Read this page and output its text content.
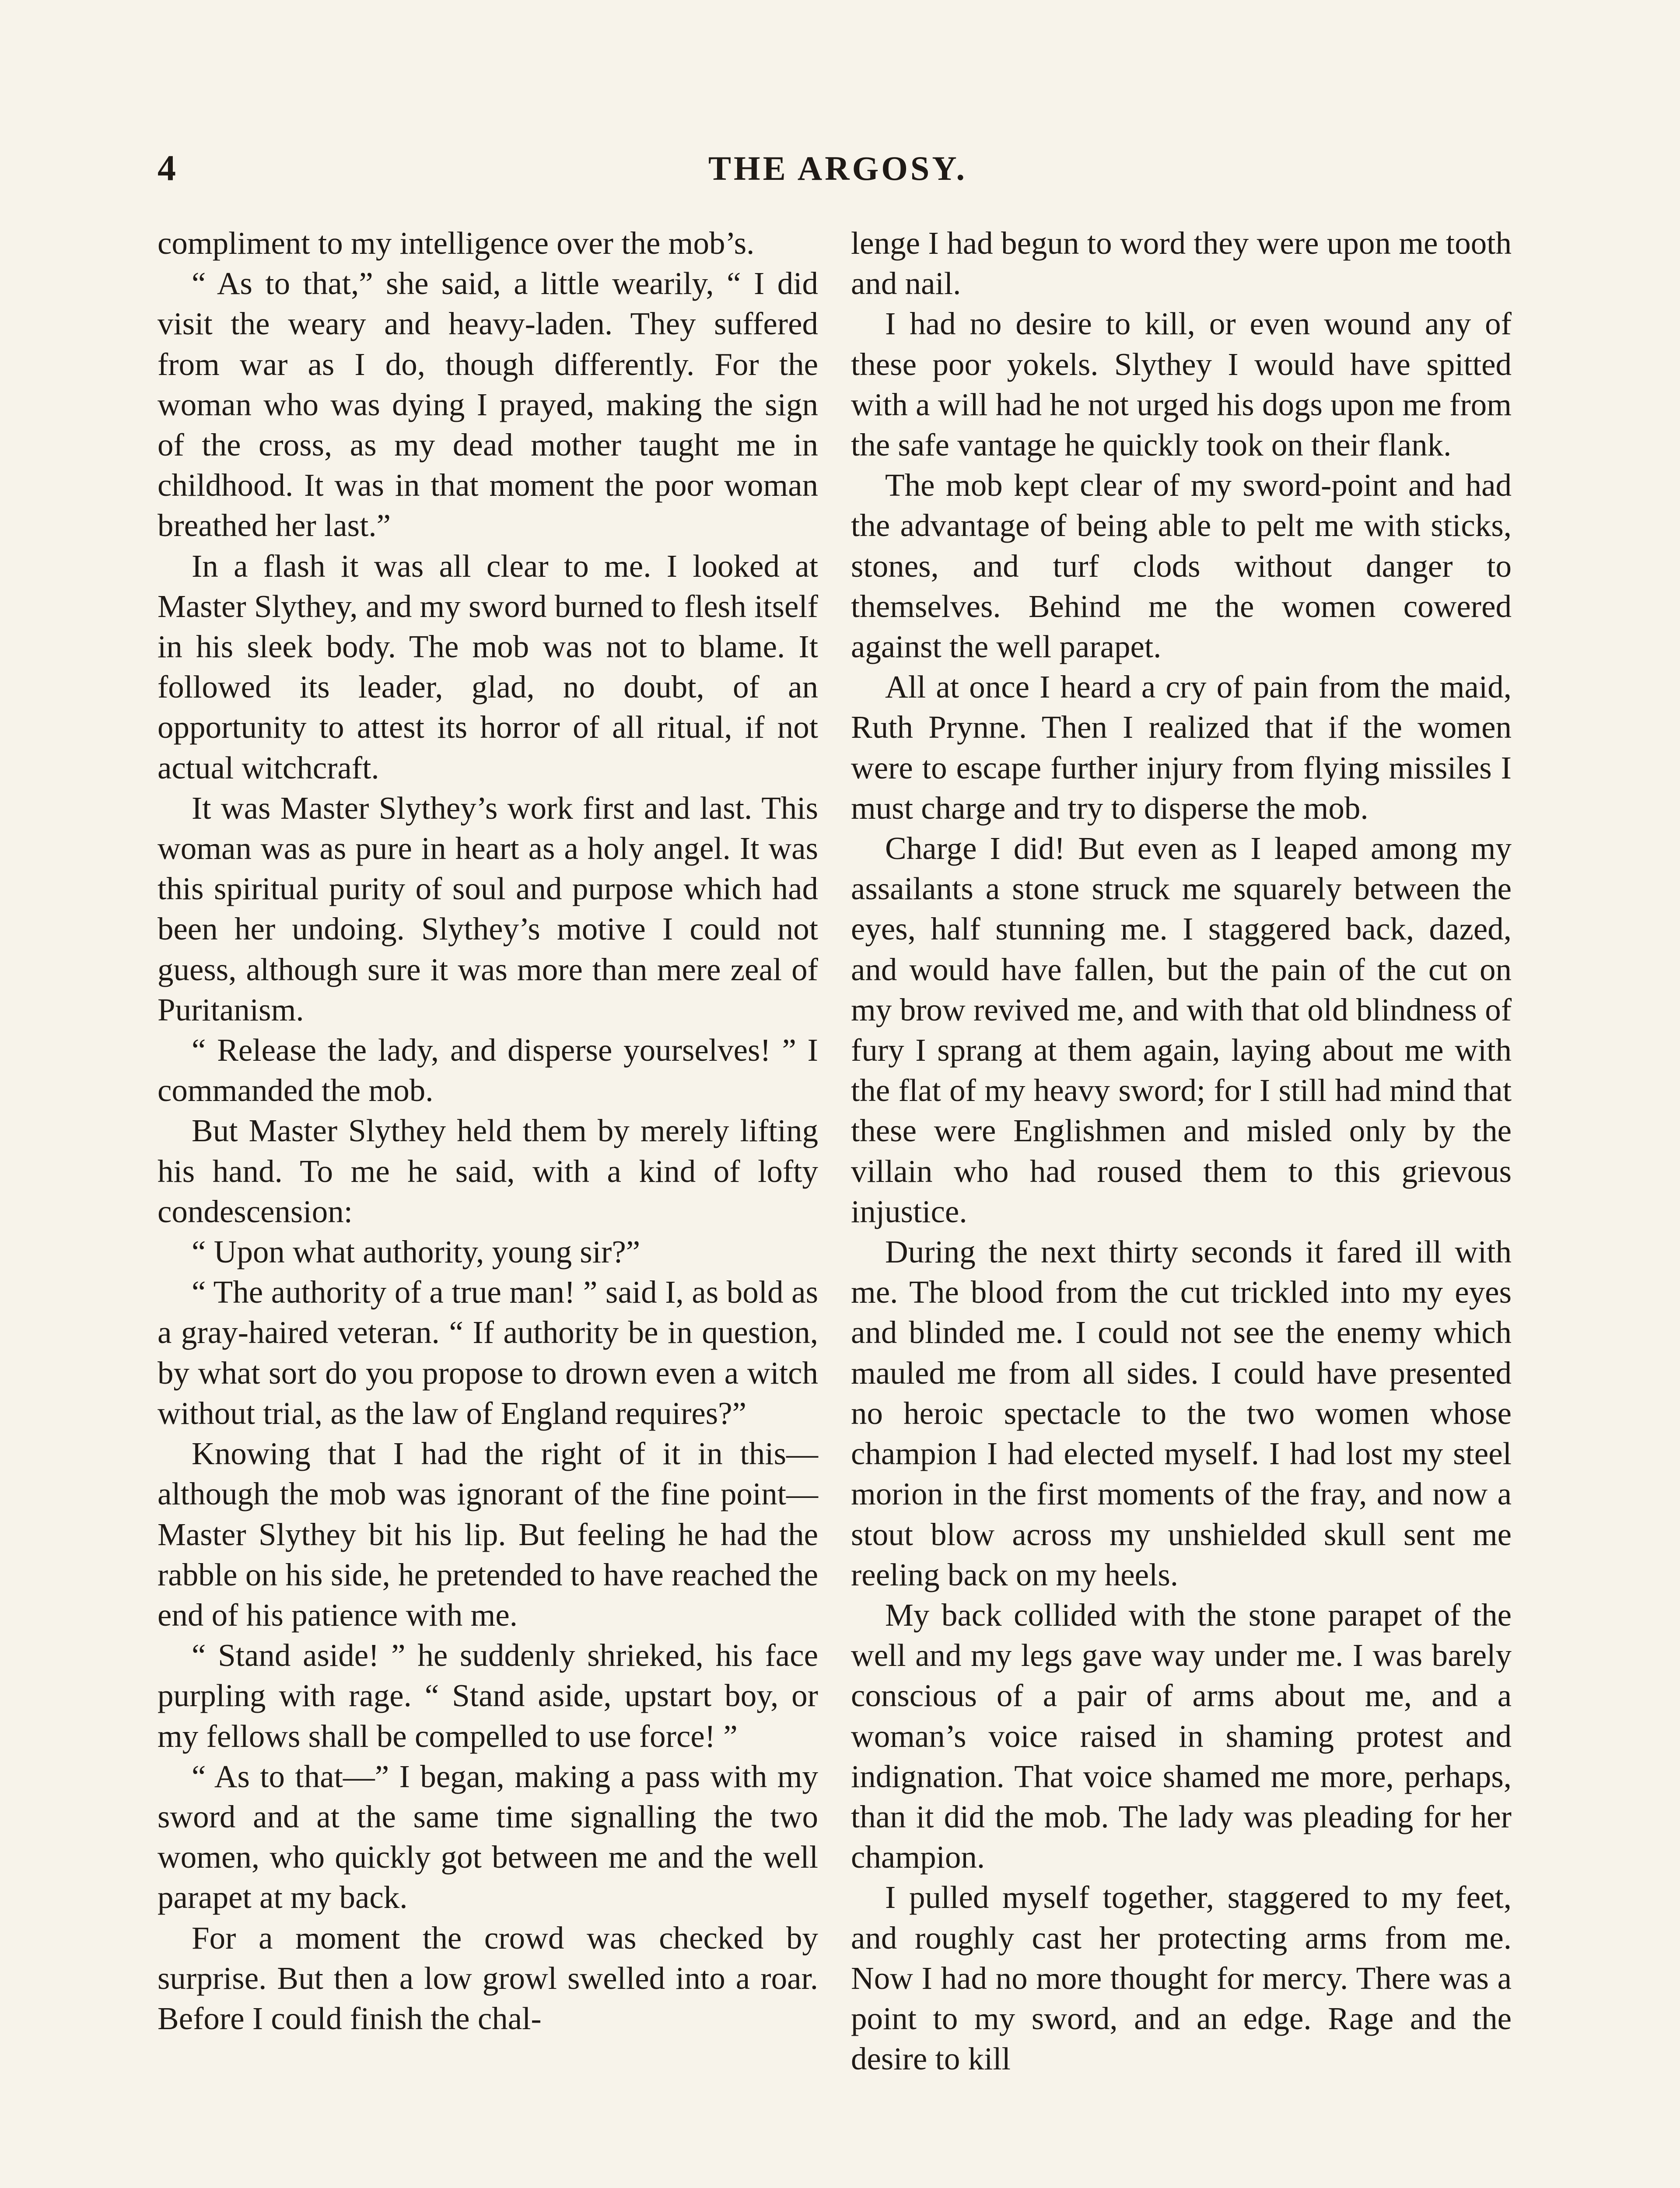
4	THE ARGOSY.

compliment to my intelligence over the mob’s.

“ As to that,” she said, a little wearily, “ I did visit the weary and heavy-laden. They suffered from war as I do, though differently. For the woman who was dying I prayed, making the sign of the cross, as my dead mother taught me in childhood. It was in that moment the poor woman breathed her last.”

In a flash it was all clear to me. I looked at Master Slythey, and my sword burned to flesh itself in his sleek body. The mob was not to blame. It followed its leader, glad, no doubt, of an opportunity to attest its horror of all ritual, if not actual witchcraft.

It was Master Slythey’s work first and last. This woman was as pure in heart as a holy angel. It was this spiritual purity of soul and purpose which had been her undoing. Slythey’s motive I could not guess, although sure it was more than mere zeal of Puritanism.

“ Release the lady, and disperse yourselves! ” I commanded the mob.

But Master Slythey held them by merely lifting his hand. To me he said, with a kind of lofty condescension:

“ Upon what authority, young sir?”

“ The authority of a true man! ” said I, as bold as a gray-haired veteran. “ If authority be in question, by what sort do you propose to drown even a witch without trial, as the law of England requires?”

Knowing that I had the right of it in this—although the mob was ignorant of the fine point—Master Slythey bit his lip. But feeling he had the rabble on his side, he pretended to have reached the end of his patience with me.

“ Stand aside! ” he suddenly shrieked, his face purpling with rage. “ Stand aside, upstart boy, or my fellows shall be compelled to use force! ”

“ As to that—” I began, making a pass with my sword and at the same time signalling the two women, who quickly got between me and the well parapet at my back.

For a moment the crowd was checked by surprise. But then a low growl swelled into a roar. Before I could finish the chal-

lenge I had begun to word they were upon me tooth and nail.

I had no desire to kill, or even wound any of these poor yokels. Slythey I would have spitted with a will had he not urged his dogs upon me from the safe vantage he quickly took on their flank.

The mob kept clear of my sword-point and had the advantage of being able to pelt me with sticks, stones, and turf clods without danger to themselves. Behind me the women cowered against the well parapet.

All at once I heard a cry of pain from the maid, Ruth Prynne. Then I realized that if the women were to escape further injury from flying missiles I must charge and try to disperse the mob.

Charge I did! But even as I leaped among my assailants a stone struck me squarely between the eyes, half stunning me. I staggered back, dazed, and would have fallen, but the pain of the cut on my brow revived me, and with that old blindness of fury I sprang at them again, laying about me with the flat of my heavy sword; for I still had mind that these were Englishmen and misled only by the villain who had roused them to this grievous injustice.

During the next thirty seconds it fared ill with me. The blood from the cut trickled into my eyes and blinded me. I could not see the enemy which mauled me from all sides. I could have presented no heroic spectacle to the two women whose champion I had elected myself. I had lost my steel morion in the first moments of the fray, and now a stout blow across my unshielded skull sent me reeling back on my heels.

My back collided with the stone parapet of the well and my legs gave way under me. I was barely conscious of a pair of arms about me, and a woman’s voice raised in shaming protest and indignation. That voice shamed me more, perhaps, than it did the mob. The lady was pleading for her champion.

I pulled myself together, staggered to my feet, and roughly cast her protecting arms from me. Now I had no more thought for mercy. There was a point to my sword, and an edge. Rage and the desire to kill
